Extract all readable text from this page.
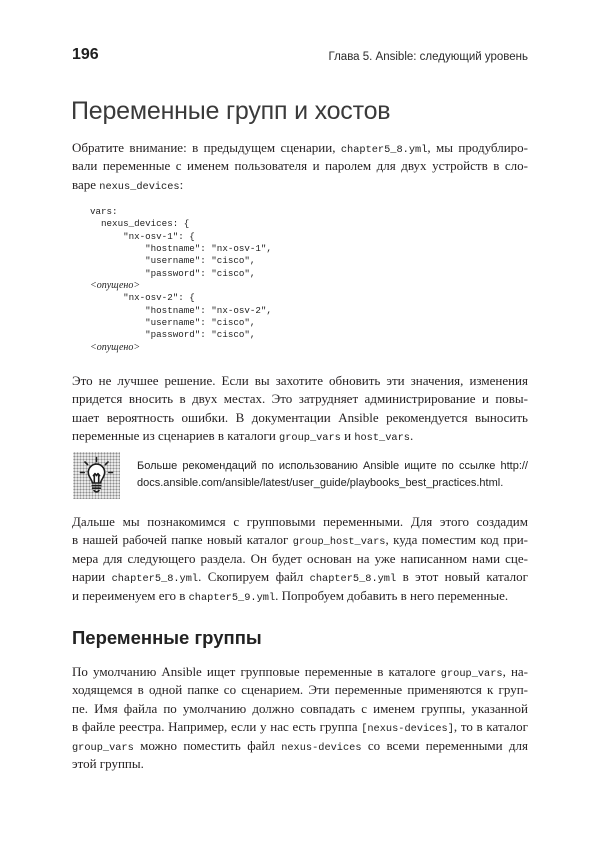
196	Глава 5. Ansible: следующий уровень
Переменные групп и хостов
Обратите внимание: в предыдущем сценарии, chapter5_8.yml, мы продублиро-
вали переменные с именем пользователя и паролем для двух устройств в сло-
варе nexus_devices:
vars:
nexus_devices: {
"nx-osv-1": {
"hostname": "nx-osv-1",
"username": "cisco",
"password": "cisco",
<опущено>
"nx-osv-2": {
"hostname": "nx-osv-2",
"username": "cisco",
"password": "cisco",
<опущено>
Это не лучшее решение. Если вы захотите обновить эти значения, изменения
придется вносить в двух местах. Это затрудняет администрирование и повы-
шает вероятность ошибки. В документации Ansible рекомендуется выносить
переменные из сценариев в каталоги group_vars и host_vars.
Больше рекомендаций по использованию Ansible ищите по ссылке http://
docs.ansible.com/ansible/latest/user_guide/playbooks_best_practices.html.
Дальше мы познакомимся с групповыми переменными. Для этого создадим
в нашей рабочей папке новый каталог group_host_vars, куда поместим код при-
мера для следующего раздела. Он будет основан на уже написанном нами сце-
нарии chapter5_8.yml. Скопируем файл chapter5_8.yml в этот новый каталог
и переименуем его в chapter5_9.yml. Попробуем добавить в него переменные.
Переменные группы
По умолчанию Ansible ищет групповые переменные в каталоге group_vars, на-
ходящемся в одной папке со сценарием. Эти переменные применяются к груп-
пе. Имя файла по умолчанию должно совпадать с именем группы, указанной
в файле реестра. Например, если у нас есть группа [nexus-devices], то в каталог
group_vars можно поместить файл nexus-devices со всеми переменными для
этой группы.
